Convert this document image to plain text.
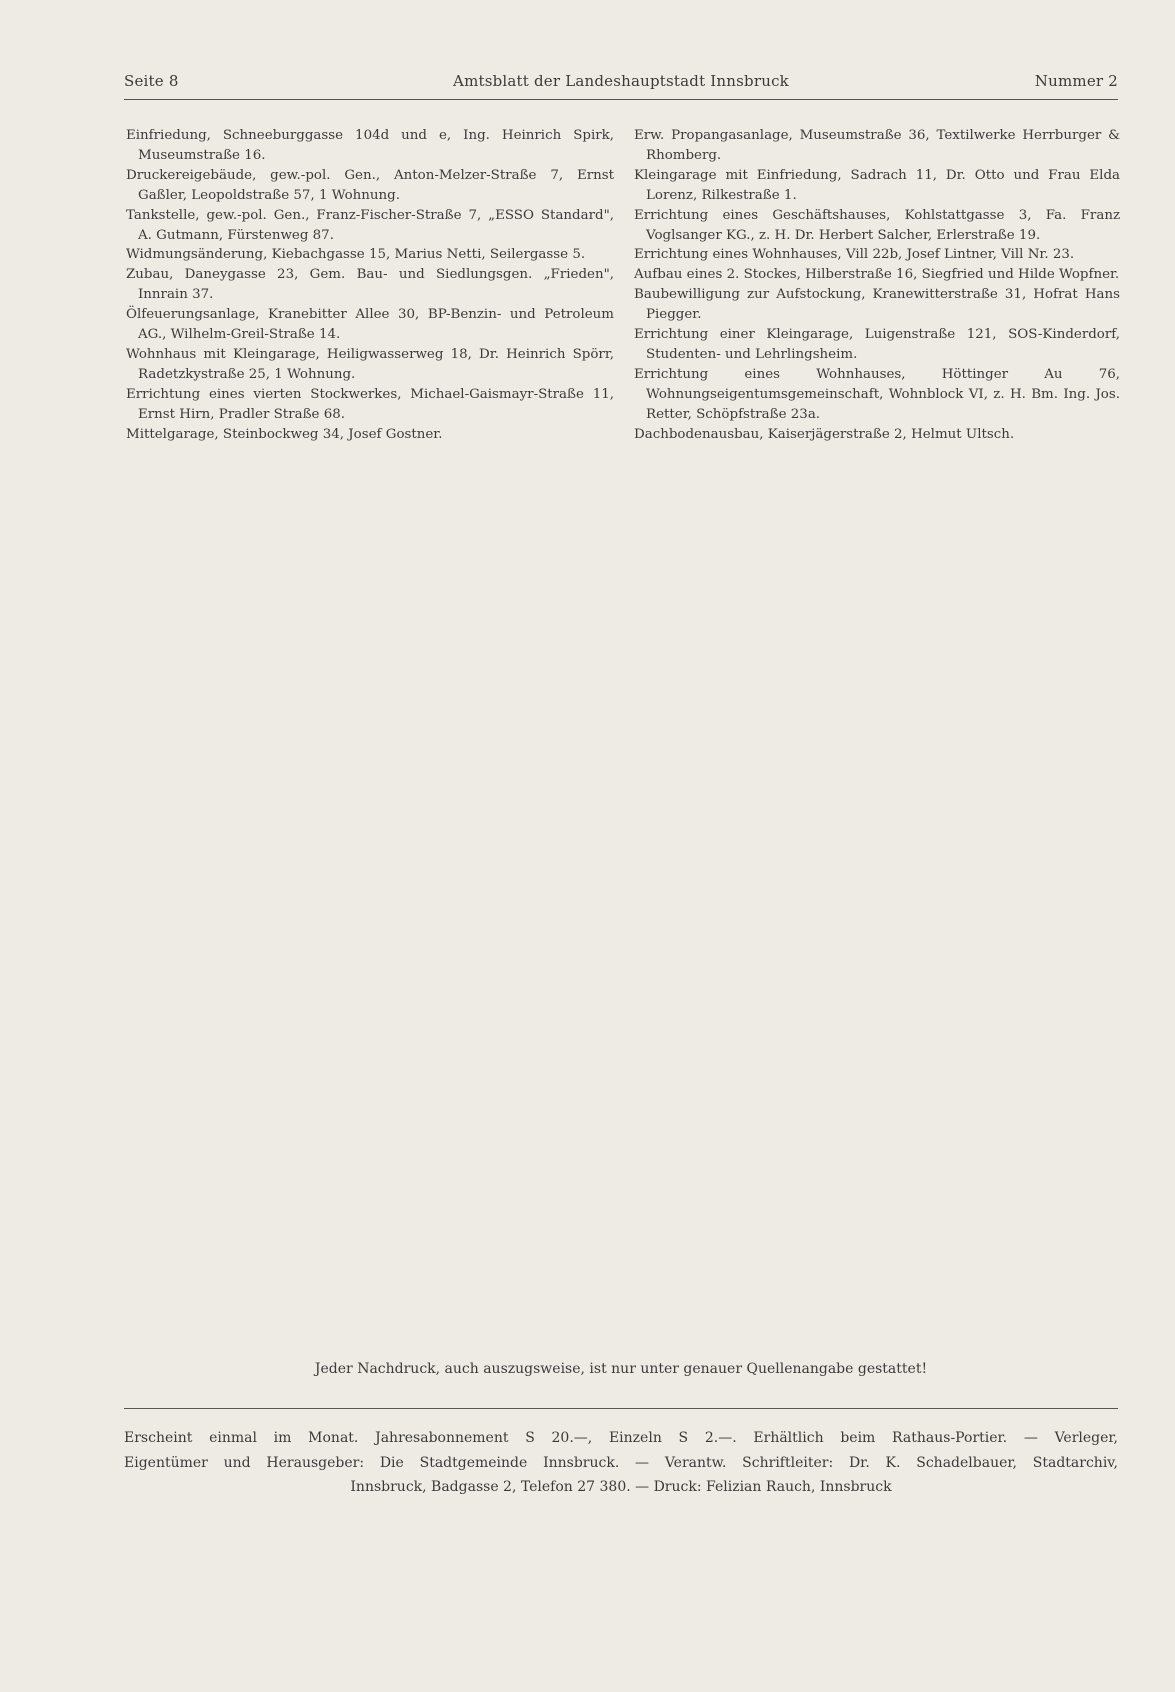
Amtsblatt der Landeshauptstadt Innsbruck
Seite 8	Nummer 2

Einfriedung, Schneeburggasse 104d und e, Ing. Heinrich Spirk, Museumstraße 16.

Druckereigebäude, gew.-pol. Gen., Anton-Melzer-Straße 7, Ernst Gaßler, Leopoldstraße 57, 1 Wohnung.

Tankstelle, gew.-pol. Gen., Franz-Fischer-Straße 7, „ESSO Standard", A. Gutmann, Fürstenweg 87.

Widmungsänderung, Kiebachgasse 15, Marius Netti, Seilergasse 5.

Zubau, Daneygasse 23, Gem. Bau- und Siedlungsgen. „Frieden", Innrain 37.

Ölfeuerungsanlage, Kranebitter Allee 30, BP-Benzin- und Petroleum AG., Wilhelm-Greil-Straße 14.

Wohnhaus mit Kleingarage, Heiligwasserweg 18, Dr. Heinrich Spörr, Radetzkystraße 25, 1 Wohnung.

Errichtung eines vierten Stockwerkes, Michael-Gaismayr-Straße 11, Ernst Hirn, Pradler Straße 68.

Mittelgarage, Steinbockweg 34, Josef Gostner.

Erw. Propangasanlage, Museumstraße 36, Textilwerke Herrburger & Rhomberg.

Kleingarage mit Einfriedung, Sadrach 11, Dr. Otto und Frau Elda Lorenz, Rilkestraße 1.

Errichtung eines Geschäftshauses, Kohlstattgasse 3, Fa. Franz Voglsanger KG., z. H. Dr. Herbert Salcher, Erlerstraße 19.

Errichtung eines Wohnhauses, Vill 22b, Josef Lintner, Vill Nr. 23.

Aufbau eines 2. Stockes, Hilberstraße 16, Siegfried und Hilde Wopfner.

Baubewilligung zur Aufstockung, Kranewitterstraße 31, Hofrat Hans Piegger.

Errichtung einer Kleingarage, Luigenstraße 121, SOS-Kinderdorf, Studenten- und Lehrlingsheim.

Errichtung eines Wohnhauses, Höttinger Au 76, Wohnungseigentumsgemeinschaft, Wohnblock VI, z. H. Bm. Ing. Jos. Retter, Schöpfstraße 23a.

Dachbodenausbau, Kaiserjägerstraße 2, Helmut Ultsch.

Jeder Nachdruck, auch auszugsweise, ist nur unter genauer Quellenangabe gestattet!

Erscheint einmal im Monat. Jahresabonnement S 20.—, Einzeln S 2.—. Erhältlich beim Rathaus-Portier. — Verleger,

Eigentümer und Herausgeber: Die Stadtgemeinde Innsbruck. — Verantw. Schriftleiter: Dr. K. Schadelbauer, Stadtarchiv,

Innsbruck, Badgasse 2, Telefon 27 380. — Druck: Felizian Rauch, Innsbruck
